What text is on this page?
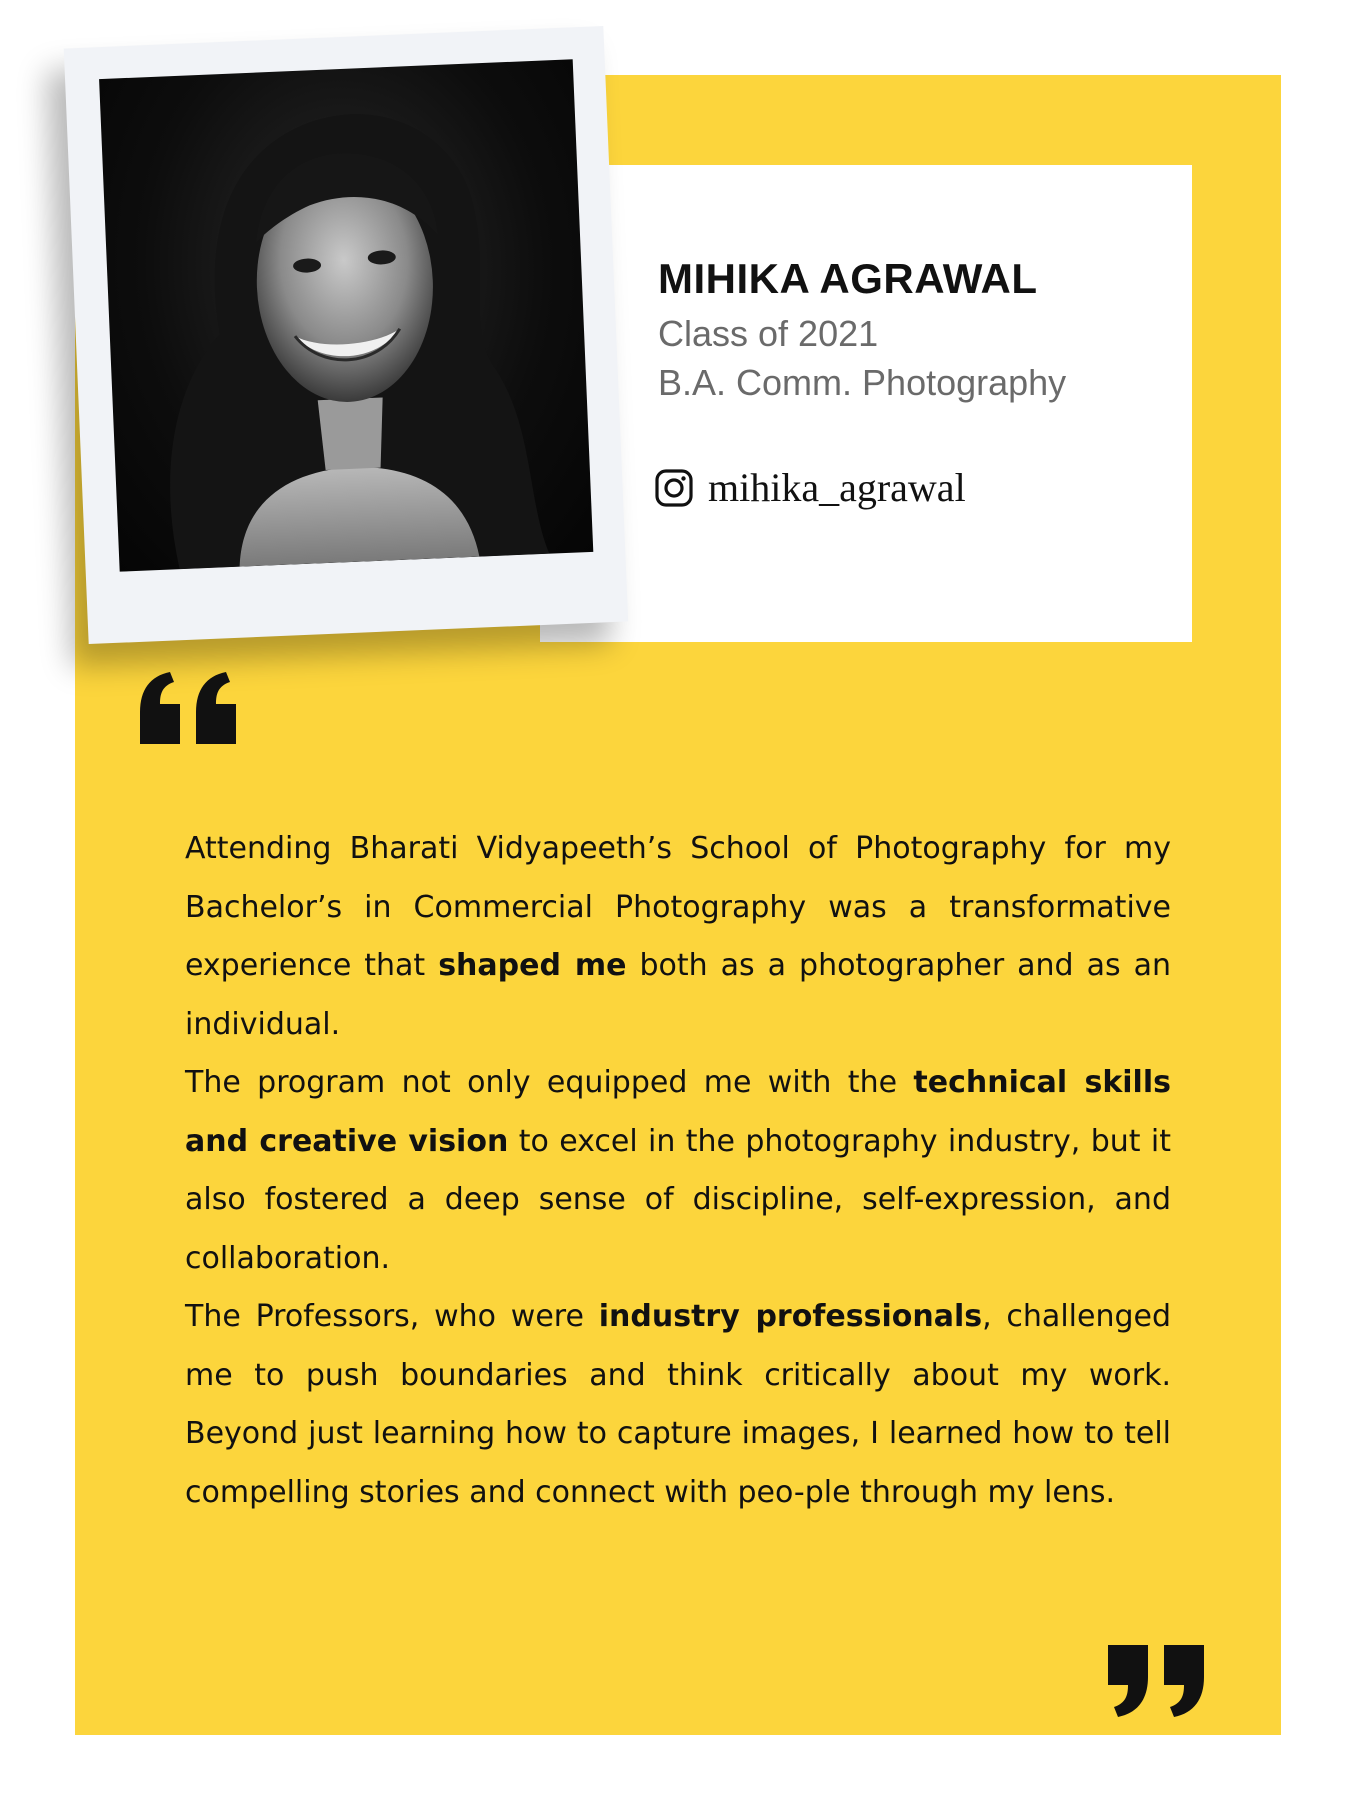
MIHIKA AGRAWAL
Class of 2021
B.A. Comm. Photography
mihika_agrawal

Attending Bharati Vidyapeeth’s School of Photography for my Bachelor’s in Commercial Photography was a transformative experience that shaped me both as a photographer and as an individual.

The program not only equipped me with the technical skills and creative vision to excel in the photography industry, but it also fostered a deep sense of discipline, self-expression, and collaboration.

The Professors, who were industry professionals, challenged me to push boundaries and think critically about my work. Beyond just learning how to capture images, I learned how to tell compelling stories and connect with peo-ple through my lens.
